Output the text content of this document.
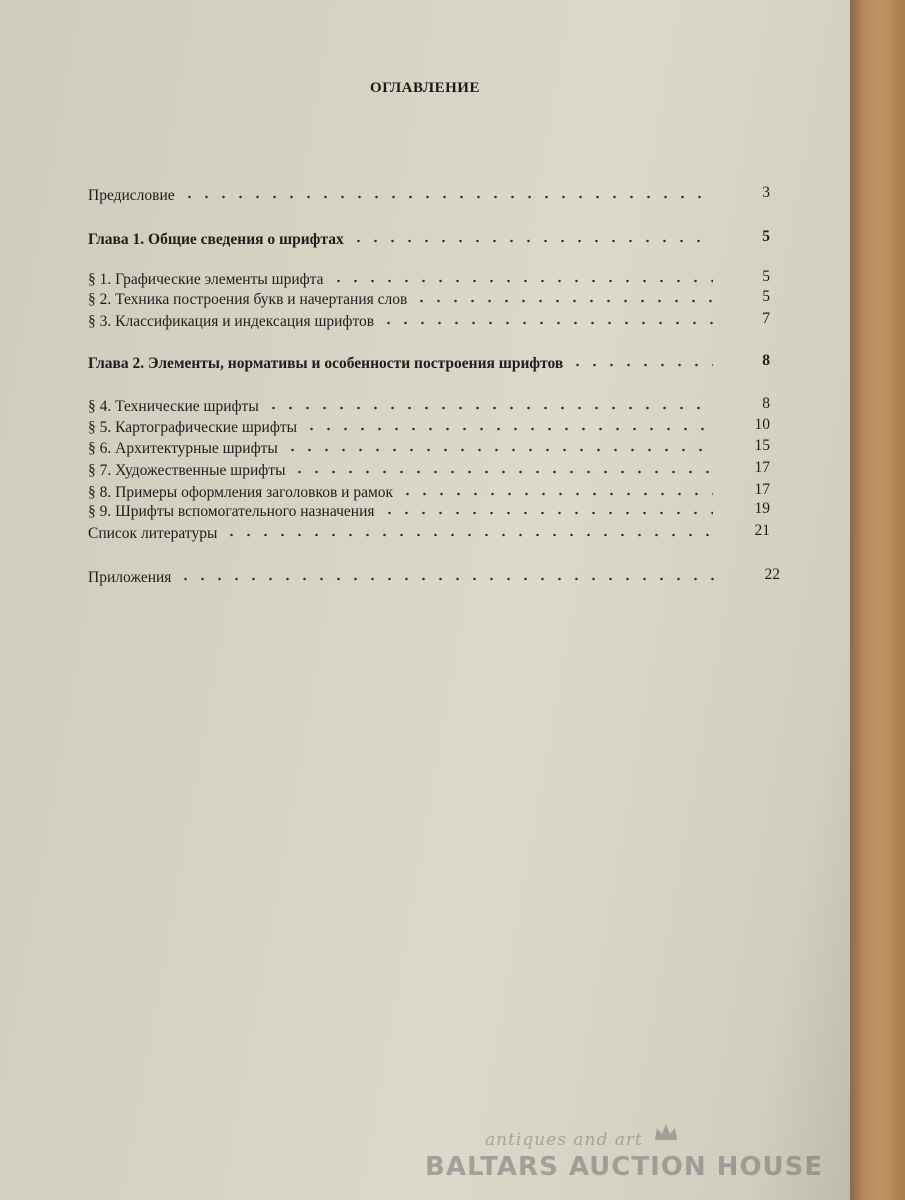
ОГЛАВЛЕНИЕ
Предисловие	3
Глава 1. Общие сведения о шрифтах	5
§ 1. Графические элементы шрифта	5
§ 2. Техника построения букв и начертания слов	5
§ 3. Классификация и индексация шрифтов	7
Глава 2. Элементы, нормативы и особенности построения шрифтов	8
§ 4. Технические шрифты	8
§ 5. Картографические шрифты	10
§ 6. Архитектурные шрифты	15
§ 7. Художественные шрифты	17
§ 8. Примеры оформления заголовков и рамок	17
§ 9. Шрифты вспомогательного назначения	19
Список литературы	21
Приложения	22
antiques and art
BALTARS AUCTION HOUSE
